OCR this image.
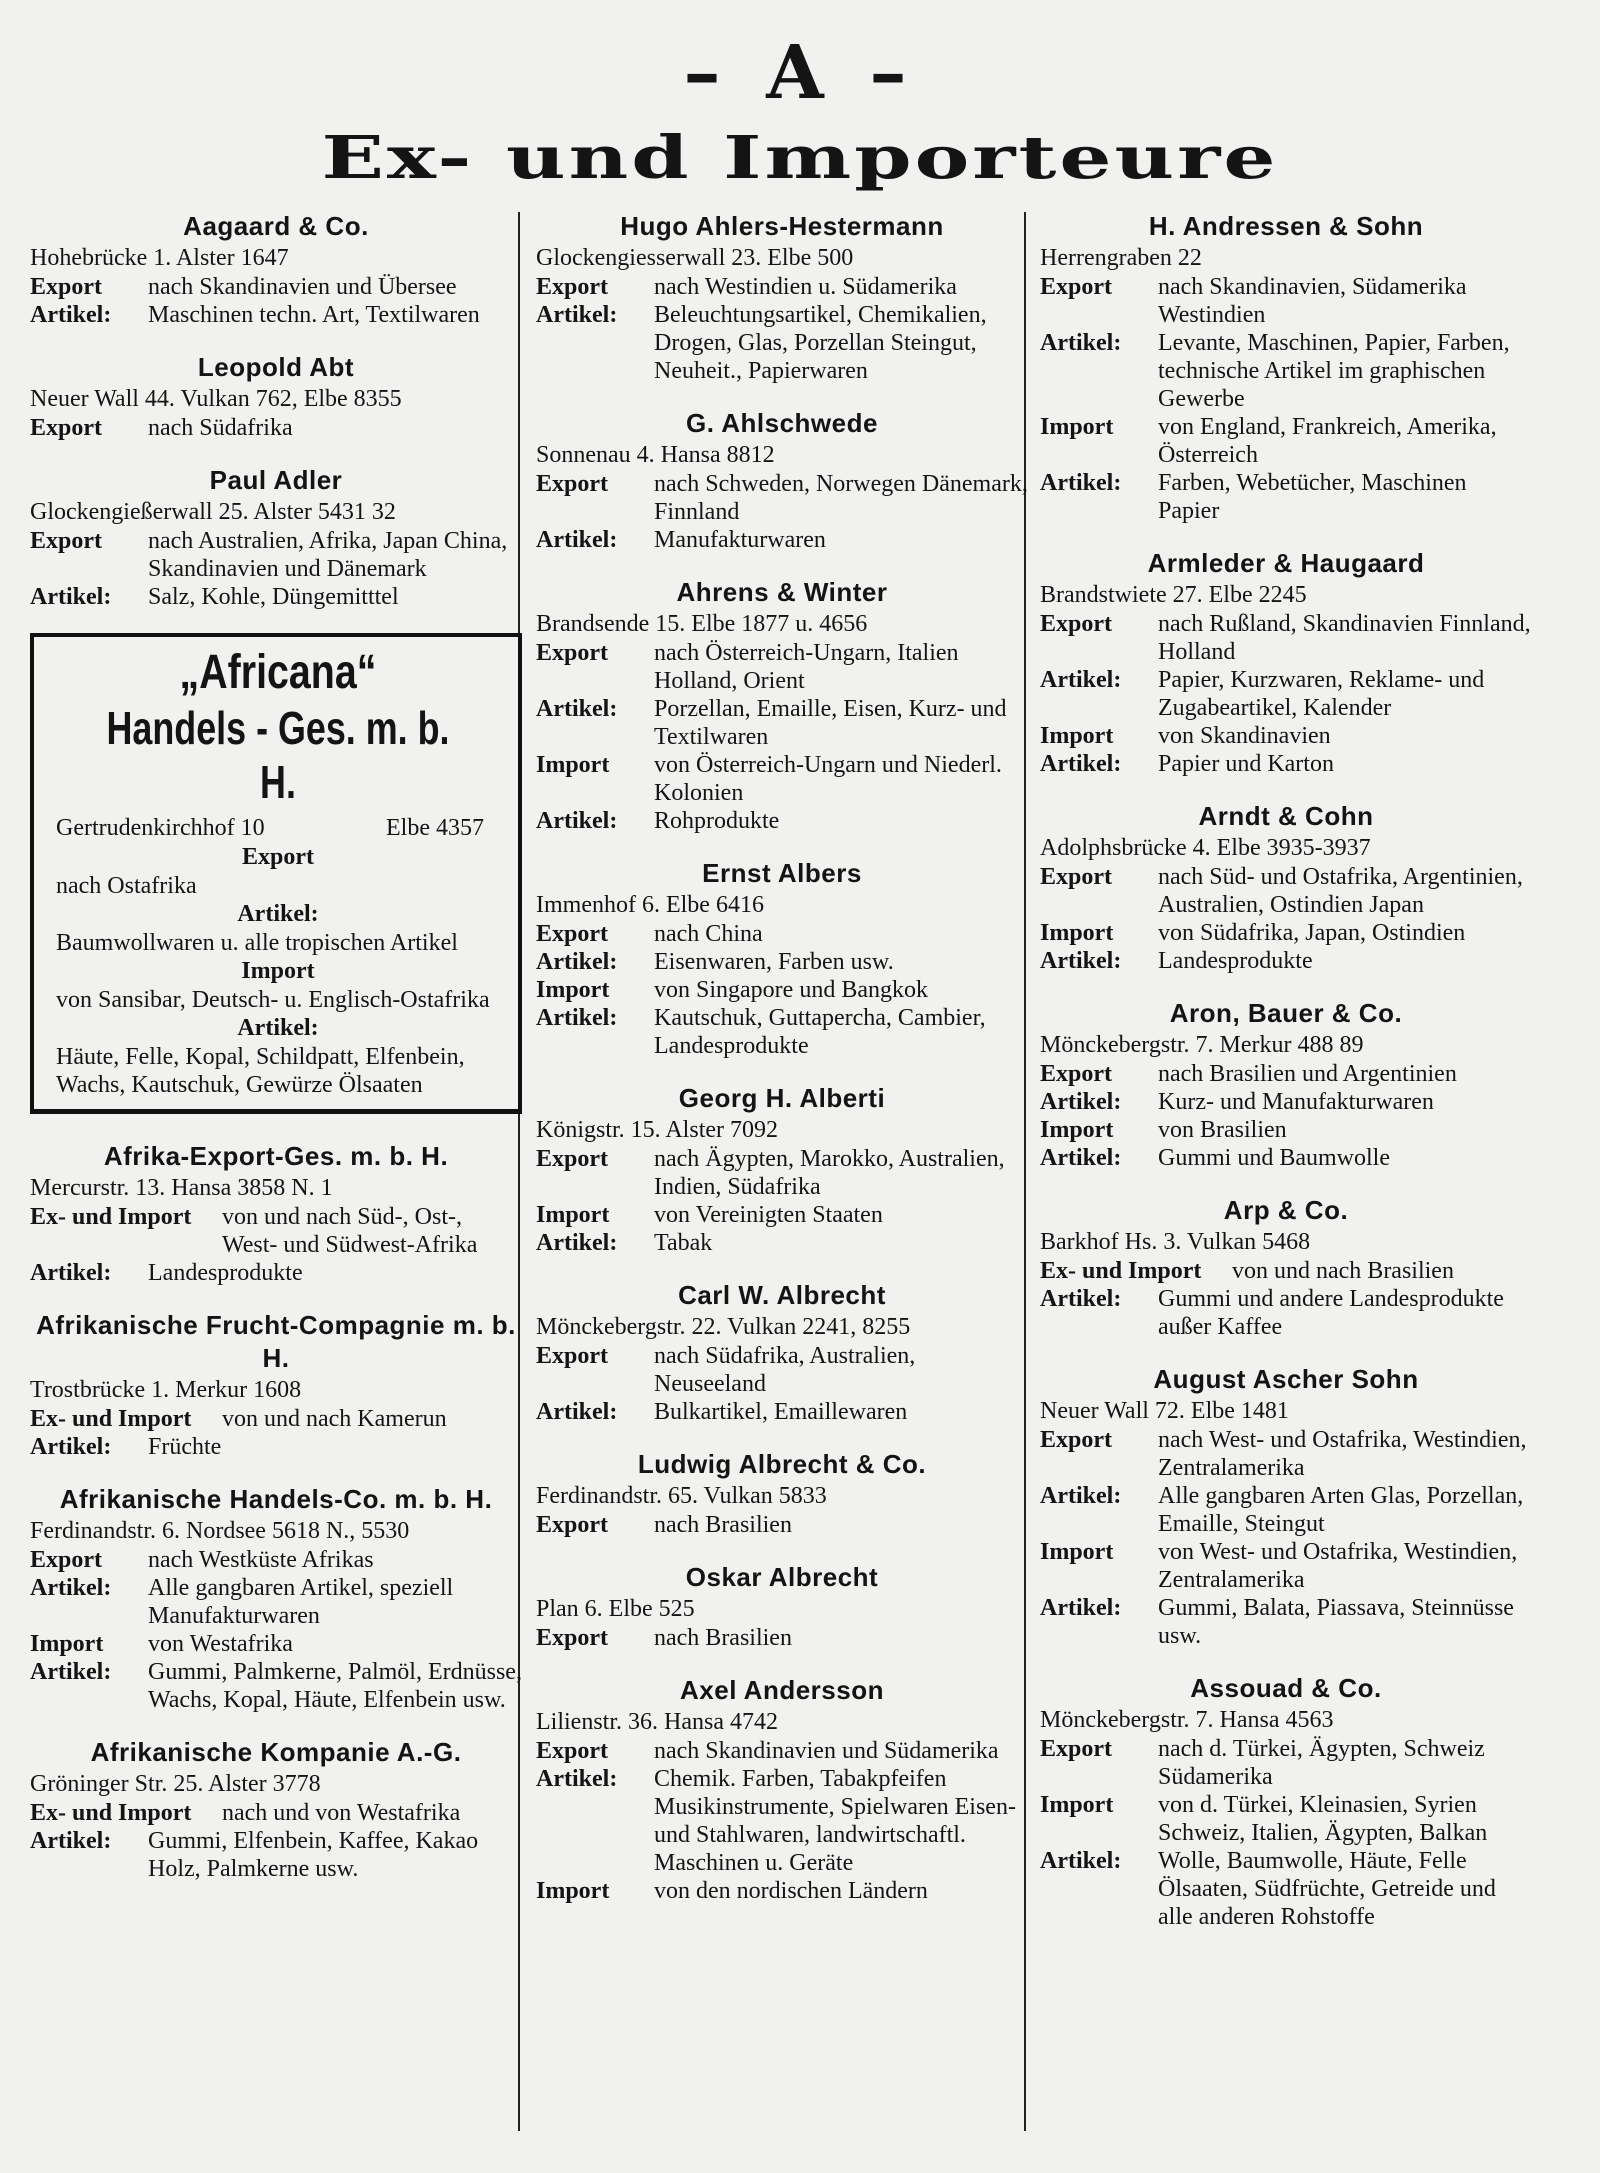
– A –
Ex- und Importeure
Aagaard & Co.
Hohebrücke 1. Alster 1647
Export	nach Skandinavien und Übersee
Artikel:	Maschinen techn. Art, Textilwaren
Leopold Abt
Neuer Wall 44. Vulkan 762, Elbe 8355
Export	nach Südafrika
Paul Adler
Glockengießerwall 25. Alster 5431 32
Export	nach Australien, Afrika, Japan China, Skandinavien und Dänemark
Artikel:	Salz, Kohle, Düngemitttel
„Africana“
Handels - Ges. m. b. H.
Gertrudenkirchhof 10	Elbe 4357
Export
nach Ostafrika
Artikel:
Baumwollwaren u. alle tropischen Artikel
Import
von Sansibar, Deutsch- u. Englisch-Ostafrika
Artikel:
Häute, Felle, Kopal, Schildpatt, Elfenbein, Wachs, Kautschuk, Gewürze Ölsaaten
Afrika-Export-Ges. m. b. H.
Mercurstr. 13. Hansa 3858 N. 1
Ex- und Import	von und nach Süd-, Ost-, West- und Südwest-Afrika
Artikel:	Landesprodukte
Afrikanische Frucht-Compagnie m. b. H.
Trostbrücke 1. Merkur 1608
Ex- und Import	von und nach Kamerun
Artikel:	Früchte
Afrikanische Handels-Co. m. b. H.
Ferdinandstr. 6. Nordsee 5618 N., 5530
Export	nach Westküste Afrikas
Artikel:	Alle gangbaren Artikel, speziell Manufakturwaren
Import	von Westafrika
Artikel:	Gummi, Palmkerne, Palmöl, Erdnüsse, Wachs, Kopal, Häute, Elfenbein usw.
Afrikanische Kompanie A.-G.
Gröninger Str. 25. Alster 3778
Ex- und Import	nach und von Westafrika
Artikel:	Gummi, Elfenbein, Kaffee, Kakao Holz, Palmkerne usw.
Hugo Ahlers-Hestermann
Glockengiesserwall 23. Elbe 500
Export	nach Westindien u. Südamerika
Artikel:	Beleuchtungsartikel, Chemikalien, Drogen, Glas, Porzellan Steingut, Neuheit., Papierwaren
G. Ahlschwede
Sonnenau 4. Hansa 8812
Export	nach Schweden, Norwegen Dänemark, Finnland
Artikel:	Manufakturwaren
Ahrens & Winter
Brandsende 15. Elbe 1877 u. 4656
Export	nach Österreich-Ungarn, Italien Holland, Orient
Artikel:	Porzellan, Emaille, Eisen, Kurz- und Textilwaren
Import	von Österreich-Ungarn und Niederl. Kolonien
Artikel:	Rohprodukte
Ernst Albers
Immenhof 6. Elbe 6416
Export	nach China
Artikel:	Eisenwaren, Farben usw.
Import	von Singapore und Bangkok
Artikel:	Kautschuk, Guttapercha, Cambier, Landesprodukte
Georg H. Alberti
Königstr. 15. Alster 7092
Export	nach Ägypten, Marokko, Australien, Indien, Südafrika
Import	von Vereinigten Staaten
Artikel:	Tabak
Carl W. Albrecht
Mönckebergstr. 22. Vulkan 2241, 8255
Export	nach Südafrika, Australien, Neuseeland
Artikel:	Bulkartikel, Emaillewaren
Ludwig Albrecht & Co.
Ferdinandstr. 65. Vulkan 5833
Export	nach Brasilien
Oskar Albrecht
Plan 6. Elbe 525
Export	nach Brasilien
Axel Andersson
Lilienstr. 36. Hansa 4742
Export	nach Skandinavien und Südamerika
Artikel:	Chemik. Farben, Tabakpfeifen Musikinstrumente, Spielwaren Eisen- und Stahlwaren, landwirtschaftl. Maschinen u. Geräte
Import	von den nordischen Ländern
H. Andressen & Sohn
Herrengraben 22
Export	nach Skandinavien, Südamerika Westindien
Artikel:	Levante, Maschinen, Papier, Farben, technische Artikel im graphischen Gewerbe
Import	von England, Frankreich, Amerika, Österreich
Artikel:	Farben, Webetücher, Maschinen Papier
Armleder & Haugaard
Brandstwiete 27. Elbe 2245
Export	nach Rußland, Skandinavien Finnland, Holland
Artikel:	Papier, Kurzwaren, Reklame- und Zugabeartikel, Kalender
Import	von Skandinavien
Artikel:	Papier und Karton
Arndt & Cohn
Adolphsbrücke 4. Elbe 3935-3937
Export	nach Süd- und Ostafrika, Argentinien, Australien, Ostindien Japan
Import	von Südafrika, Japan, Ostindien
Artikel:	Landesprodukte
Aron, Bauer & Co.
Mönckebergstr. 7. Merkur 488 89
Export	nach Brasilien und Argentinien
Artikel:	Kurz- und Manufakturwaren
Import	von Brasilien
Artikel:	Gummi und Baumwolle
Arp & Co.
Barkhof Hs. 3. Vulkan 5468
Ex- und Import	von und nach Brasilien
Artikel:	Gummi und andere Landesprodukte außer Kaffee
August Ascher Sohn
Neuer Wall 72. Elbe 1481
Export	nach West- und Ostafrika, Westindien, Zentralamerika
Artikel:	Alle gangbaren Arten Glas, Porzellan, Emaille, Steingut
Import	von West- und Ostafrika, Westindien, Zentralamerika
Artikel:	Gummi, Balata, Piassava, Steinnüsse usw.
Assouad & Co.
Mönckebergstr. 7. Hansa 4563
Export	nach d. Türkei, Ägypten, Schweiz Südamerika
Import	von d. Türkei, Kleinasien, Syrien Schweiz, Italien, Ägypten, Balkan
Artikel:	Wolle, Baumwolle, Häute, Felle Ölsaaten, Südfrüchte, Getreide und alle anderen Rohstoffe
